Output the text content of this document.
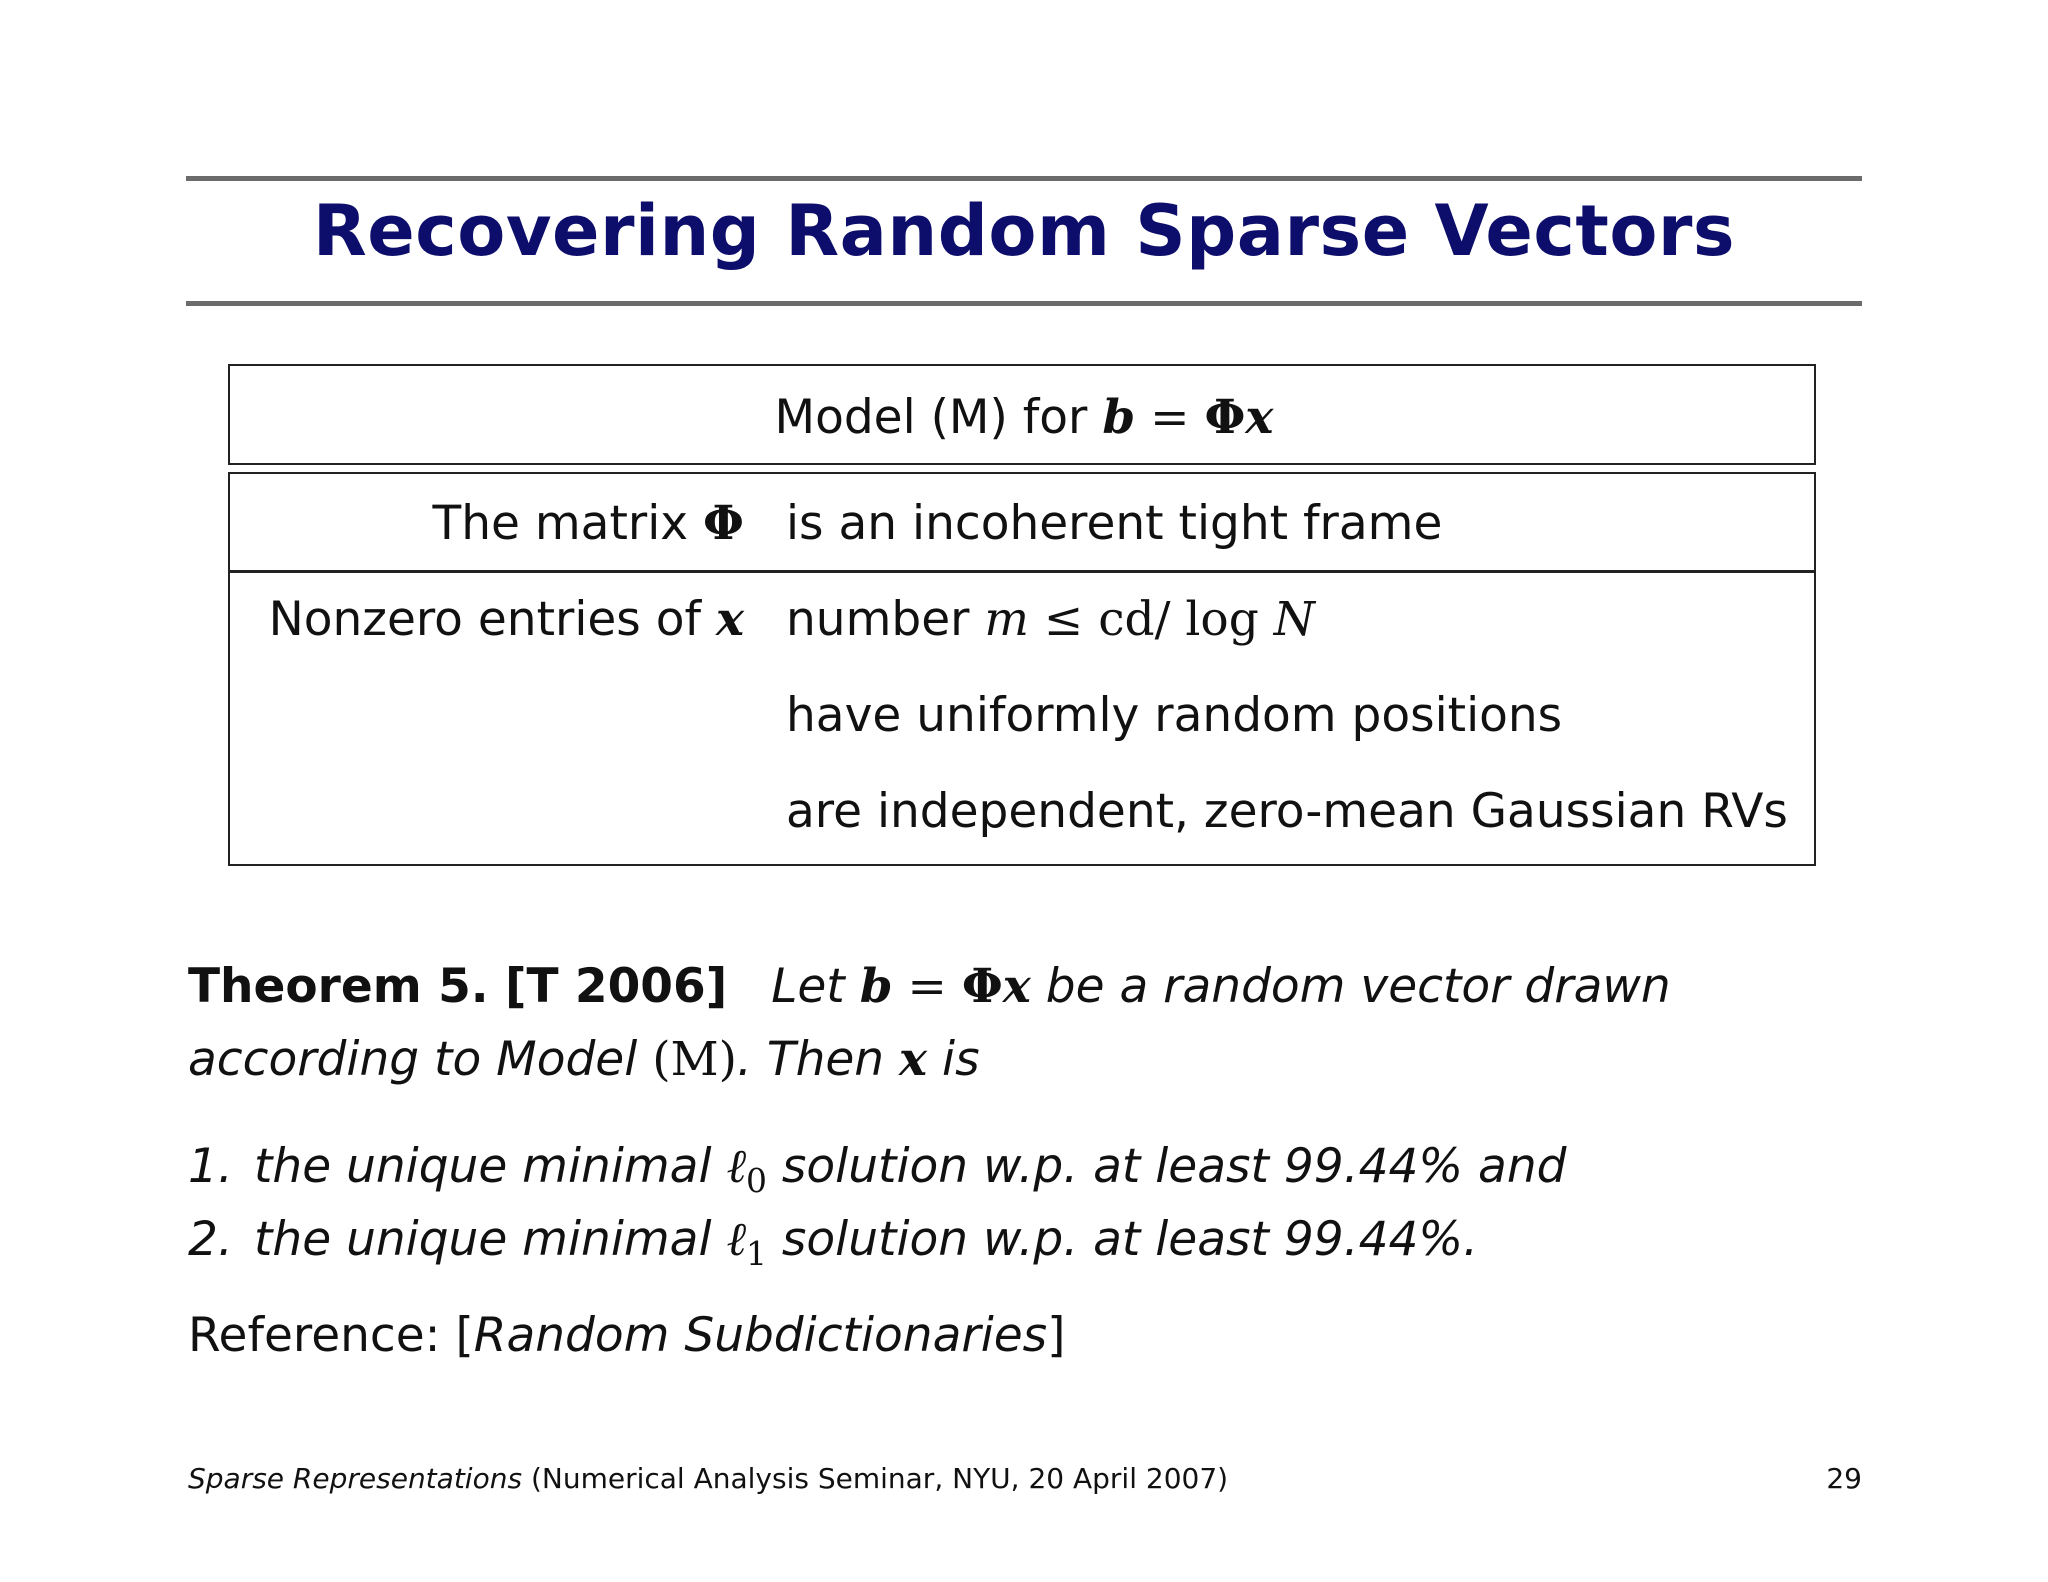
Recovering Random Sparse Vectors
Model (M) for b = Φx
The matrix Φ is an incoherent tight frame
Nonzero entries of x number m ≤ cd/ log N
have uniformly random positions
are independent, zero-mean Gaussian RVs
Theorem 5. [T 2006] Let b = Φx be a random vector drawn according to Model (M). Then x is
1. the unique minimal ℓ$_0$ solution w.p. at least 99.44% and
2. the unique minimal ℓ$_1$ solution w.p. at least 99.44%.
Reference: [Random Subdictionaries]
Sparse Representations (Numerical Analysis Seminar, NYU, 20 April 2007)	29
